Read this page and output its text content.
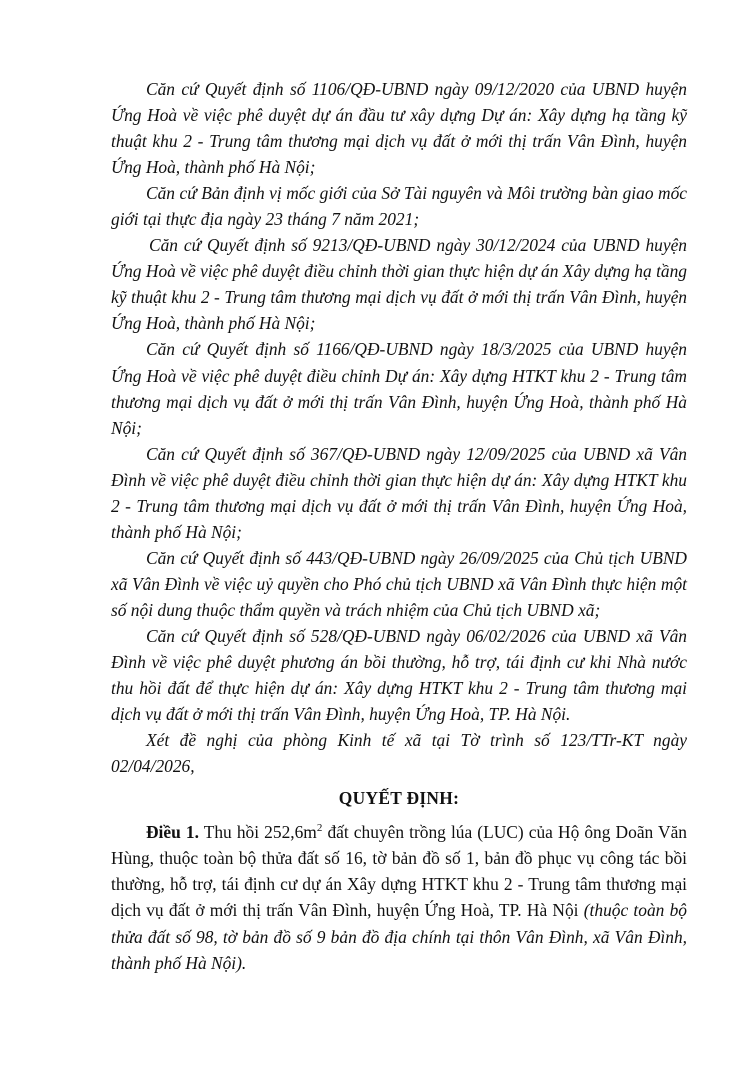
Căn cứ Quyết định số 1106/QĐ-UBND ngày 09/12/2020 của UBND huyện Ứng Hoà về việc phê duyệt dự án đầu tư xây dựng Dự án: Xây dựng hạ tầng kỹ thuật khu 2 - Trung tâm thương mại dịch vụ đất ở mới thị trấn Vân Đình, huyện Ứng Hoà, thành phố Hà Nội;

Căn cứ Bản định vị mốc giới của Sở Tài nguyên và Môi trường bàn giao mốc giới tại thực địa ngày 23 tháng 7 năm 2021;

Căn cứ Quyết định số 9213/QĐ-UBND ngày 30/12/2024 của UBND huyện Ứng Hoà về việc phê duyệt điều chỉnh thời gian thực hiện dự án Xây dựng hạ tầng kỹ thuật khu 2 - Trung tâm thương mại dịch vụ đất ở mới thị trấn Vân Đình, huyện Ứng Hoà, thành phố Hà Nội;

Căn cứ Quyết định số 1166/QĐ-UBND ngày 18/3/2025 của UBND huyện Ứng Hoà về việc phê duyệt điều chỉnh Dự án: Xây dựng HTKT khu 2 - Trung tâm thương mại dịch vụ đất ở mới thị trấn Vân Đình, huyện Ứng Hoà, thành phố Hà Nội;

Căn cứ Quyết định số 367/QĐ-UBND ngày 12/09/2025 của UBND xã Vân Đình về việc phê duyệt điều chỉnh thời gian thực hiện dự án: Xây dựng HTKT khu 2 - Trung tâm thương mại dịch vụ đất ở mới thị trấn Vân Đình, huyện Ứng Hoà, thành phố Hà Nội;

Căn cứ Quyết định số 443/QĐ-UBND ngày 26/09/2025 của Chủ tịch UBND xã Vân Đình về việc uỷ quyền cho Phó chủ tịch UBND xã Vân Đình thực hiện một số nội dung thuộc thẩm quyền và trách nhiệm của Chủ tịch UBND xã;

Căn cứ Quyết định số 528/QĐ-UBND ngày 06/02/2026 của UBND xã Vân Đình về việc phê duyệt phương án bồi thường, hỗ trợ, tái định cư khi Nhà nước thu hồi đất để thực hiện dự án: Xây dựng HTKT khu 2 - Trung tâm thương mại dịch vụ đất ở mới thị trấn Vân Đình, huyện Ứng Hoà, TP. Hà Nội.

Xét đề nghị của phòng Kinh tế xã tại Tờ trình số 123/TTr-KT ngày 02/04/2026,

QUYẾT ĐỊNH:

Điều 1. Thu hồi $252,6m^2$ đất chuyên trồng lúa (LUC) của Hộ ông Doãn Văn Hùng, thuộc toàn bộ thửa đất số 16, tờ bản đồ số 1, bản đồ phục vụ công tác bồi thường, hỗ trợ, tái định cư dự án Xây dựng HTKT khu 2 - Trung tâm thương mại dịch vụ đất ở mới thị trấn Vân Đình, huyện Ứng Hoà, TP. Hà Nội (thuộc toàn bộ thửa đất số 98, tờ bản đồ số 9 bản đồ địa chính tại thôn Vân Đình, xã Vân Đình, thành phố Hà Nội).
